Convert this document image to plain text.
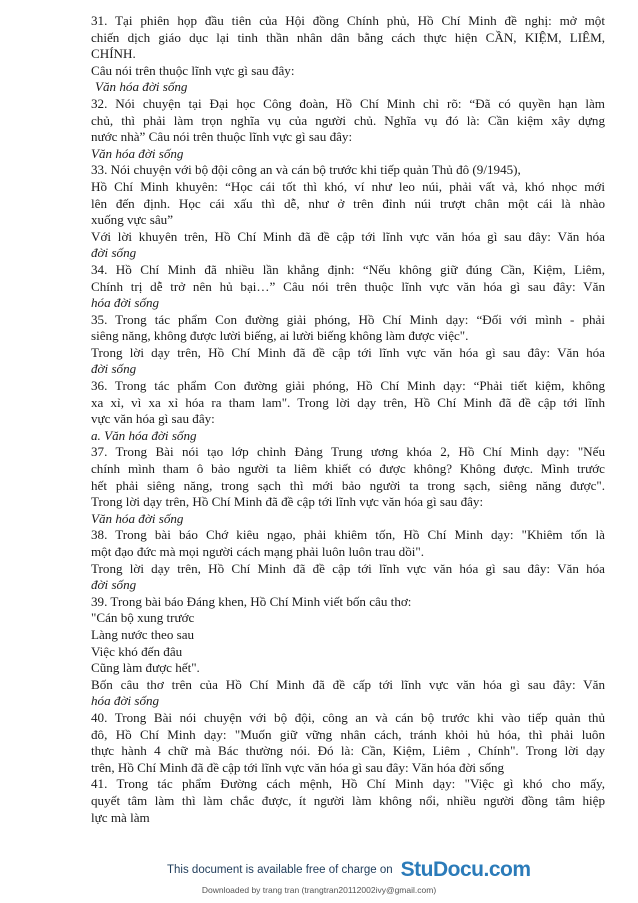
31. Tại phiên họp đầu tiên của Hội đồng Chính phủ, Hồ Chí Minh đề nghị: mở một
chiến dịch giáo dục lại tinh thần nhân dân bằng cách thực hiện CẦN, KIỆM, LIÊM,
CHÍNH.
Câu nói trên thuộc lĩnh vực gì sau đây:
Văn hóa đời sống
32. Nói chuyện tại Đại học Công đoàn, Hồ Chí Minh chỉ rõ: “Đã có quyền hạn làm
chủ, thì phải làm trọn nghĩa vụ của người chủ. Nghĩa vụ đó là: Cần kiệm xây dựng
nước nhà” Câu nói trên thuộc lĩnh vực gì sau đây:
Văn hóa đời sống
33. Nói chuyện với bộ đội công an và cán bộ trước khi tiếp quản Thủ đô (9/1945),
Hồ Chí Minh khuyên: “Học cái tốt thì khó, ví như leo núi, phải vất vả, khó nhọc mới
lên đến định. Học cái xấu thì dễ, như ở trên đỉnh núi trượt chân một cái là nhào
xuống vực sâu”
Với lời khuyên trên, Hồ Chí Minh đã đề cập tới lĩnh vực văn hóa gì sau đây: Văn hóa
đời sống
34. Hồ Chí Minh đã nhiều lần khẳng định: “Nếu không giữ đúng Cần, Kiệm, Liêm,
Chính trị dễ trở nên hủ bại…” Câu nói trên thuộc lĩnh vực văn hóa gì sau đây: Văn
hóa đời sống
35. Trong tác phẩm Con đường giải phóng, Hồ Chí Minh dạy: “Đối với mình - phải
siêng năng, không được lười biếng, ai lười biếng không làm được việc".
Trong lời dạy trên, Hồ Chí Minh đã đề cập tới lĩnh vực văn hóa gì sau đây: Văn hóa
đời sống
36. Trong tác phẩm Con đường giải phóng, Hồ Chí Minh dạy: “Phải tiết kiệm, không
xa xỉ, vì xa xỉ hóa ra tham lam". Trong lời dạy trên, Hồ Chí Minh đã đề cập tới lĩnh
vực văn hóa gì sau đây:
a. Văn hóa đời sống
37. Trong Bài nói tạo lớp chỉnh Đảng Trung ương khóa 2, Hồ Chí Minh dạy: "Nếu
chính mình tham ô bảo người ta liêm khiết có được không? Không được. Mình trước
hết phải siêng năng, trong sạch thì mới bảo người ta trong sạch, siêng năng được".
Trong lời dạy trên, Hồ Chí Minh đã đề cập tới lĩnh vực văn hóa gì sau đây:
Văn hóa đời sống
38. Trong bài báo Chớ kiêu ngạo, phải khiêm tốn, Hồ Chí Minh dạy: "Khiêm tốn là
một đạo đức mà mọi người cách mạng phải luôn luôn trau dồi".
Trong lời dạy trên, Hồ Chí Minh đã đề cập tới lĩnh vực văn hóa gì sau đây: Văn hóa
đời sống
39. Trong bài báo Đáng khen, Hồ Chí Minh viết bốn câu thơ:
"Cán bộ xung trước
Làng nước theo sau
Việc khó đến đâu
Cũng làm được hết".
Bốn câu thơ trên của Hồ Chí Minh đã đề cấp tới lĩnh vực văn hóa gì sau đây: Văn
hóa đời sống
40. Trong Bài nói chuyện với bộ đội, công an và cán bộ trước khi vào tiếp quản thủ
đô, Hồ Chí Minh dạy: "Muốn giữ vững nhân cách, tránh khỏi hủ hóa, thì phải luôn
thực hành 4 chữ mà Bác thường nói. Đó là: Cần, Kiệm, Liêm , Chính". Trong lời dạy
trên, Hồ Chí Minh đã đề cập tới lĩnh vực văn hóa gì sau đây: Văn hóa đời sống
41. Trong tác phẩm Đường cách mệnh, Hồ Chí Minh dạy: "Việc gì khó cho mấy,
quyết tâm làm thì làm chắc được, ít người làm không nổi, nhiều người đồng tâm hiệp
lực mà làm
This document is available free of charge on StuDocu.com
Downloaded by trang tran (trangtran20112002ivy@gmail.com)
